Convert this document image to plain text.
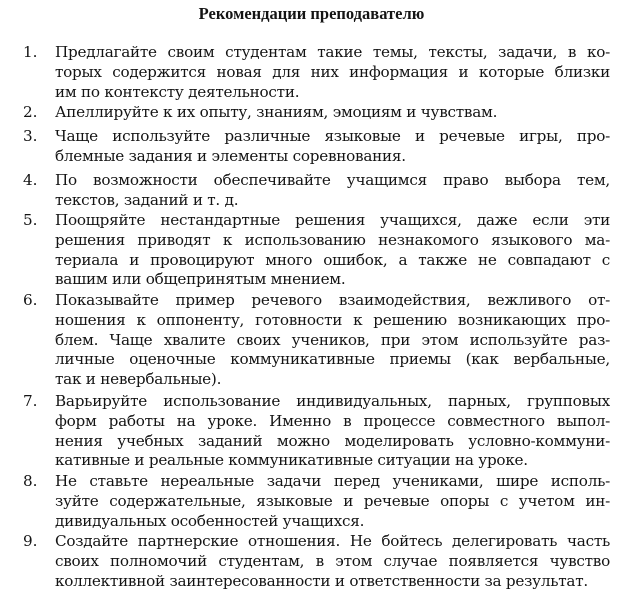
Рекомендации преподавателю
1.	Предлагайте своим студентам такие темы, тексты, задачи, в ко-
торых содержится новая для них информация и которые близки
им по контексту деятельности.
2.	Апеллируйте к их опыту, знаниям, эмоциям и чувствам.
3.	Чаще используйте различные языковые и речевые игры, про-
блемные задания и элементы соревнования.
4.	По возможности обеспечивайте учащимся право выбора тем,
текстов, заданий и т. д.
5.	Поощряйте нестандартные решения учащихся, даже если эти
решения приводят к использованию незнакомого языкового ма-
териала и провоцируют много ошибок, а также не совпадают с
вашим или общепринятым мнением.
6.	Показывайте пример речевого взаимодействия, вежливого от-
ношения к оппоненту, готовности к решению возникающих про-
блем. Чаще хвалите своих учеников, при этом используйте раз-
личные оценочные коммуникативные приемы (как вербальные,
так и невербальные).
7.	Варьируйте использование индивидуальных, парных, групповых
форм работы на уроке. Именно в процессе совместного выпол-
нения учебных заданий можно моделировать условно-коммуни-
кативные и реальные коммуникативные ситуации на уроке.
8.	Не ставьте нереальные задачи перед учениками, шире исполь-
зуйте содержательные, языковые и речевые опоры с учетом ин-
дивидуальных особенностей учащихся.
9.	Создайте партнерские отношения. Не бойтесь делегировать часть
своих полномочий студентам, в этом случае появляется чувство
коллективной заинтересованности и ответственности за результат.
